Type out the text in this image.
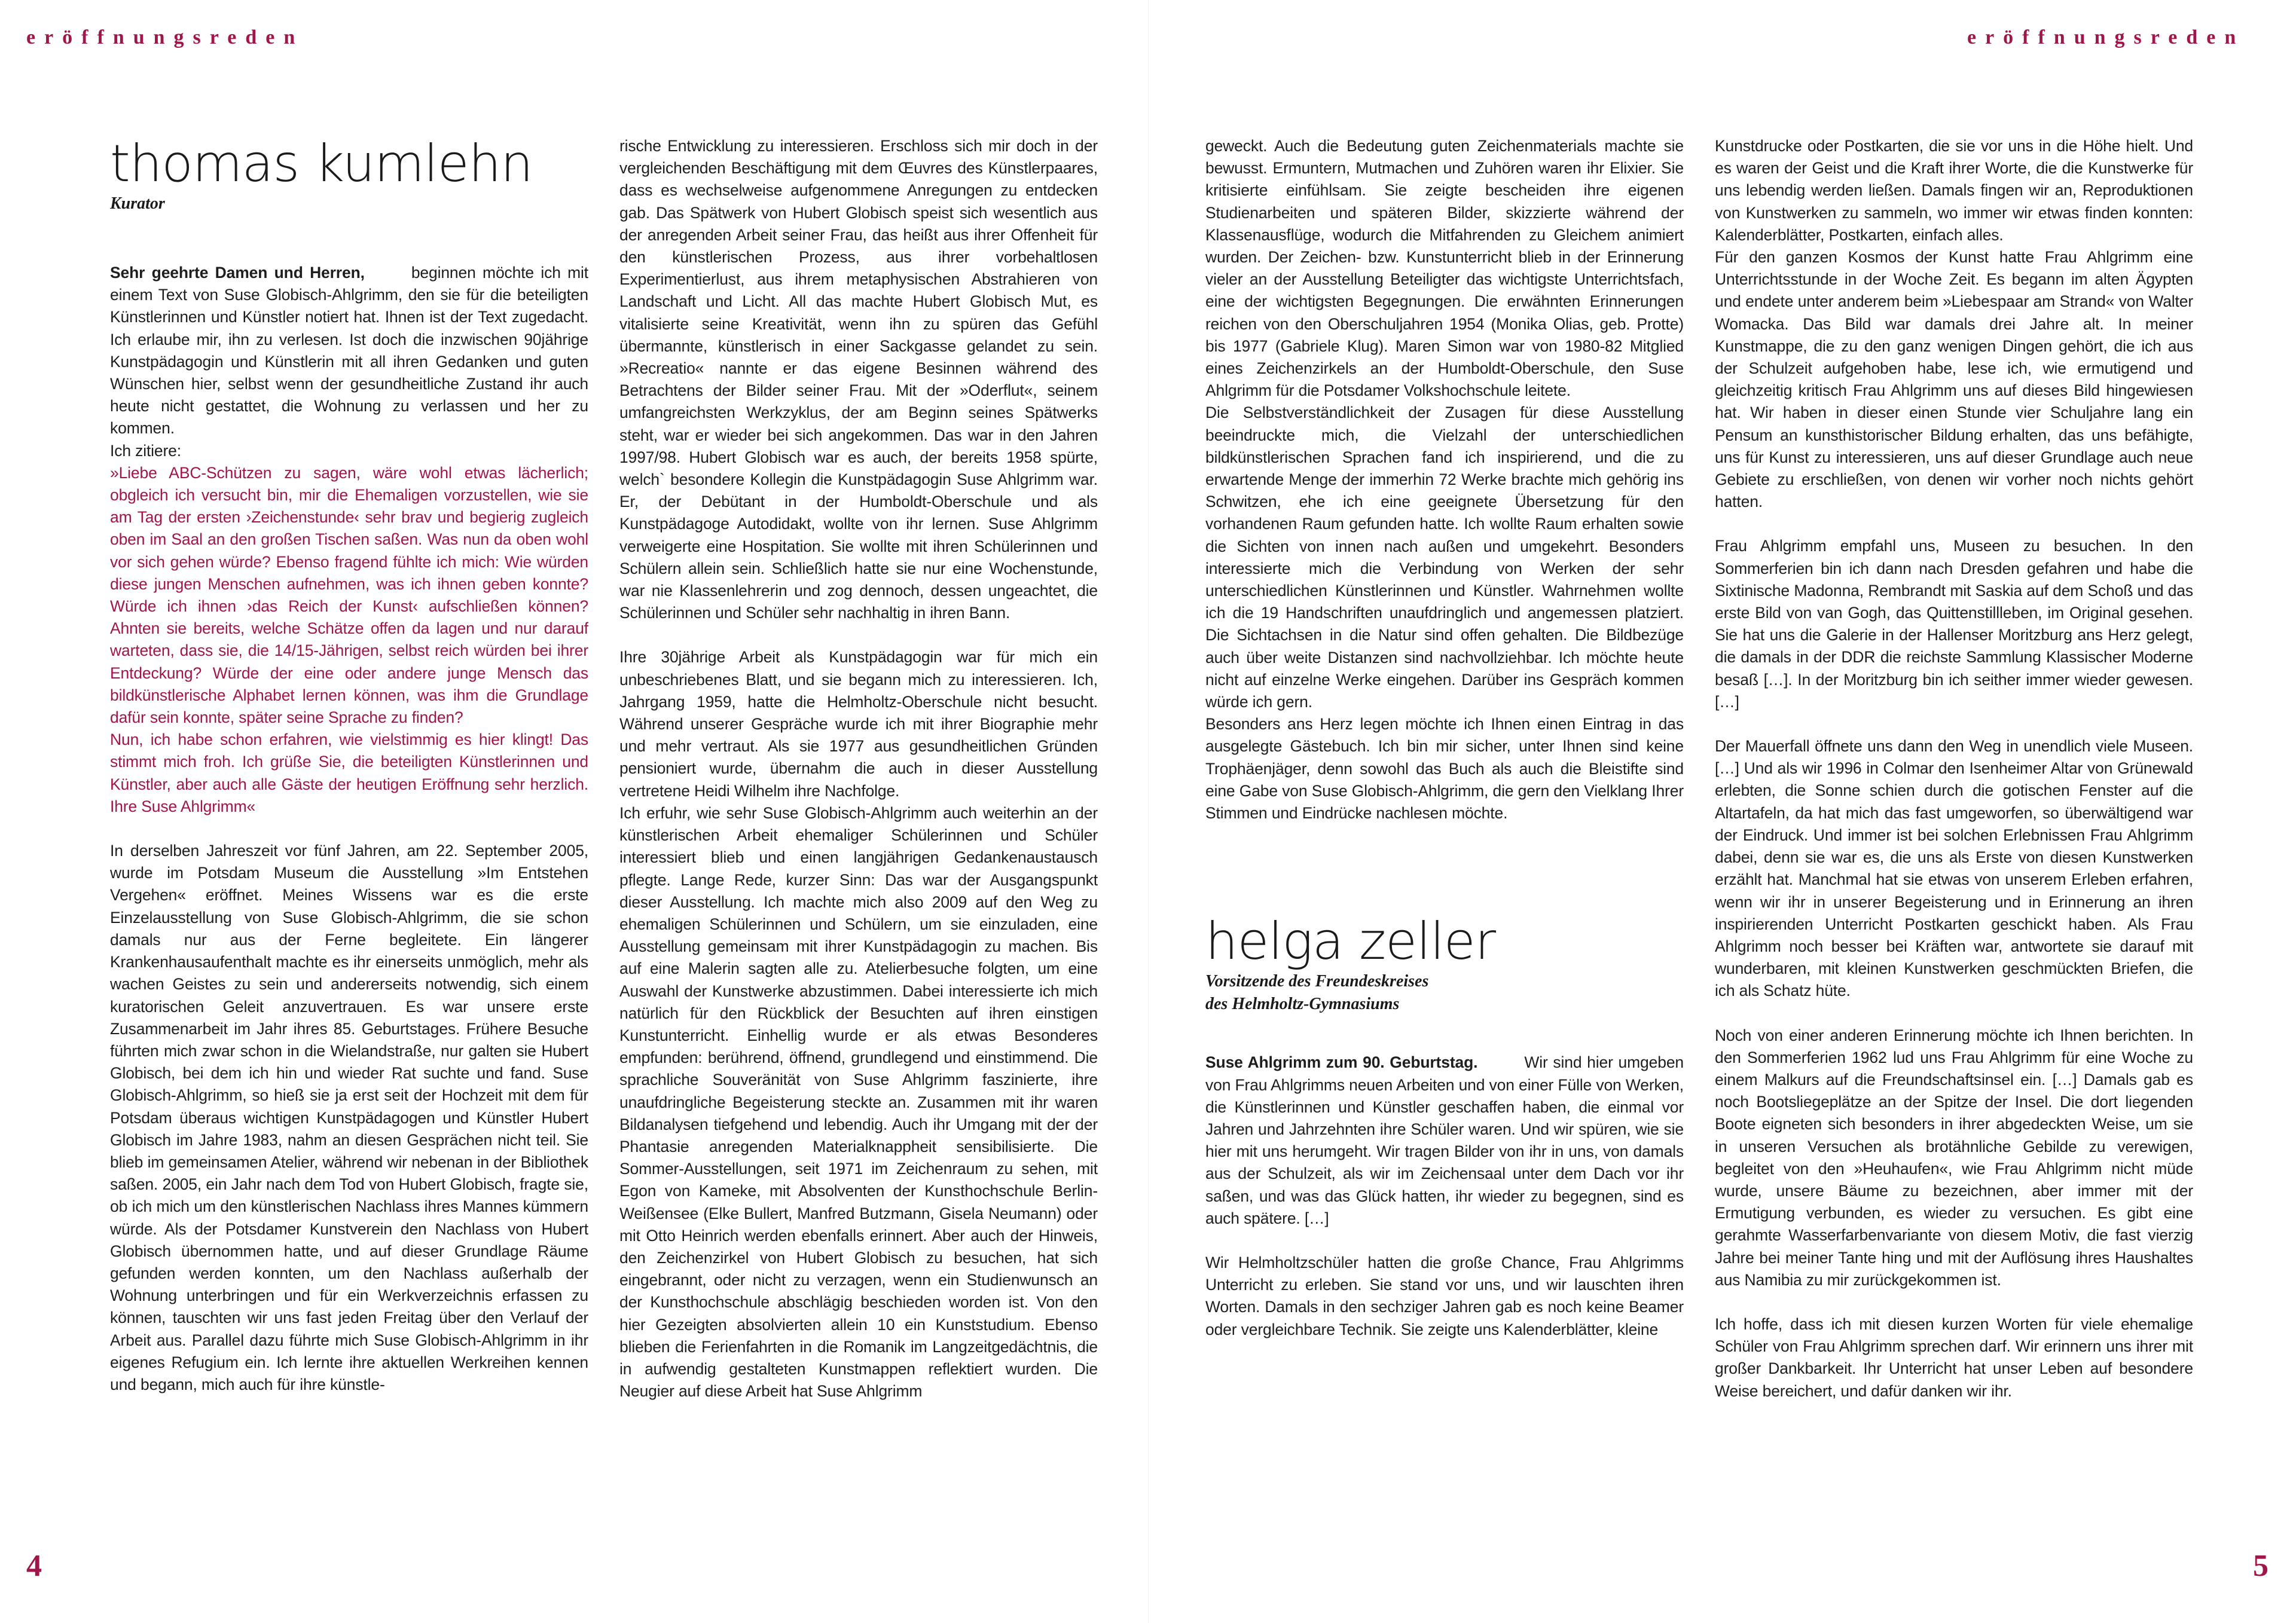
eröffnungsreden	eröffnungsreden
thomas kumlehn
Kurator

Sehr geehrte Damen und Herren,	beginnen möchte ich mit einem Text von Suse Globisch-Ahlgrimm, den sie für die beteiligten Künstlerinnen und Künstler notiert hat. Ihnen ist der Text zugedacht. Ich erlaube mir, ihn zu verlesen. Ist doch die inzwischen 90jährige Kunstpädagogin und Künstlerin mit all ihren Gedanken und guten Wünschen hier, selbst wenn der gesundheitliche Zustand ihr auch heute nicht gestattet, die Wohnung zu verlassen und her zu kommen.

Ich zitiere:

»Liebe ABC-Schützen zu sagen, wäre wohl etwas lächerlich; obgleich ich versucht bin, mir die Ehemaligen vorzustellen, wie sie am Tag der ersten ›Zeichenstunde‹ sehr brav und begierig zugleich oben im Saal an den großen Tischen saßen. Was nun da oben wohl vor sich gehen würde? Ebenso fragend fühlte ich mich: Wie würden diese jungen Menschen aufnehmen, was ich ihnen geben konnte? Würde ich ihnen ›das Reich der Kunst‹ aufschließen können? Ahnten sie bereits, welche Schätze offen da lagen und nur darauf warteten, dass sie, die 14/15-Jährigen, selbst reich würden bei ihrer Entdeckung? Würde der eine oder andere junge Mensch das bildkünstlerische Alphabet lernen können, was ihm die Grundlage dafür sein konnte, später seine Sprache zu finden?

Nun, ich habe schon erfahren, wie vielstimmig es hier klingt! Das stimmt mich froh. Ich grüße Sie, die beteiligten Künstlerinnen und Künstler, aber auch alle Gäste der heutigen Eröffnung sehr herzlich. Ihre Suse Ahlgrimm«

In derselben Jahreszeit vor fünf Jahren, am 22. September 2005, wurde im Potsdam Museum die Ausstellung »Im Entstehen Vergehen« eröffnet. Meines Wissens war es die erste Einzelausstellung von Suse Globisch-Ahlgrimm, die sie schon damals nur aus der Ferne begleitete. Ein längerer Krankenhausaufenthalt machte es ihr einerseits unmöglich, mehr als wachen Geistes zu sein und andererseits notwendig, sich einem kuratorischen Geleit anzuvertrauen. Es war unsere erste Zusammenarbeit im Jahr ihres 85. Geburtstages. Frühere Besuche führten mich zwar schon in die Wielandstraße, nur galten sie Hubert Globisch, bei dem ich hin und wieder Rat suchte und fand. Suse Globisch-Ahlgrimm, so hieß sie ja erst seit der Hochzeit mit dem für Potsdam überaus wichtigen Kunstpädagogen und Künstler Hubert Globisch im Jahre 1983, nahm an diesen Gesprächen nicht teil. Sie blieb im gemeinsamen Atelier, während wir nebenan in der Bibliothek saßen. 2005, ein Jahr nach dem Tod von Hubert Globisch, fragte sie, ob ich mich um den künstlerischen Nachlass ihres Mannes kümmern würde. Als der Potsdamer Kunstverein den Nachlass von Hubert Globisch übernommen hatte, und auf dieser Grundlage Räume gefunden werden konnten, um den Nachlass außerhalb der Wohnung unterbringen und für ein Werkverzeichnis erfassen zu können, tauschten wir uns fast jeden Freitag über den Verlauf der Arbeit aus. Parallel dazu führte mich Suse Globisch-Ahlgrimm in ihr eigenes Refugium ein. Ich lernte ihre aktuellen Werkreihen kennen und begann, mich auch für ihre künstle-

rische Entwicklung zu interessieren. Erschloss sich mir doch in der vergleichenden Beschäftigung mit dem Œuvres des Künstlerpaares, dass es wechselweise aufgenommene Anregungen zu entdecken gab. Das Spätwerk von Hubert Globisch speist sich wesentlich aus der anregenden Arbeit seiner Frau, das heißt aus ihrer Offenheit für den künstlerischen Prozess, aus ihrer vorbehaltlosen Experimentierlust, aus ihrem metaphysischen Abstrahieren von Landschaft und Licht. All das machte Hubert Globisch Mut, es vitalisierte seine Kreativität, wenn ihn zu spüren das Gefühl übermannte, künstlerisch in einer Sackgasse gelandet zu sein. »Recreatio« nannte er das eigene Besinnen während des Betrachtens der Bilder seiner Frau. Mit der »Oderflut«, seinem umfangreichsten Werkzyklus, der am Beginn seines Spätwerks steht, war er wieder bei sich angekommen. Das war in den Jahren 1997/98. Hubert Globisch war es auch, der bereits 1958 spürte, welch` besondere Kollegin die Kunstpädagogin Suse Ahlgrimm war. Er, der Debütant in der Humboldt-Oberschule und als Kunstpädagoge Autodidakt, wollte von ihr lernen. Suse Ahlgrimm verweigerte eine Hospitation. Sie wollte mit ihren Schülerinnen und Schülern allein sein. Schließlich hatte sie nur eine Wochenstunde, war nie Klassenlehrerin und zog dennoch, dessen ungeachtet, die Schülerinnen und Schüler sehr nachhaltig in ihren Bann.

Ihre 30jährige Arbeit als Kunstpädagogin war für mich ein unbeschriebenes Blatt, und sie begann mich zu interessieren. Ich, Jahrgang 1959, hatte die Helmholtz-Oberschule nicht besucht. Während unserer Gespräche wurde ich mit ihrer Biographie mehr und mehr vertraut. Als sie 1977 aus gesundheitlichen Gründen pensioniert wurde, übernahm die auch in dieser Ausstellung vertretene Heidi Wilhelm ihre Nachfolge.

Ich erfuhr, wie sehr Suse Globisch-Ahlgrimm auch weiterhin an der künstlerischen Arbeit ehemaliger Schülerinnen und Schüler interessiert blieb und einen langjährigen Gedankenaustausch pflegte. Lange Rede, kurzer Sinn: Das war der Ausgangspunkt dieser Ausstellung. Ich machte mich also 2009 auf den Weg zu ehemaligen Schülerinnen und Schülern, um sie einzuladen, eine Ausstellung gemeinsam mit ihrer Kunstpädagogin zu machen. Bis auf eine Malerin sagten alle zu. Atelierbesuche folgten, um eine Auswahl der Kunstwerke abzustimmen. Dabei interessierte ich mich natürlich für den Rückblick der Besuchten auf ihren einstigen Kunstunterricht. Einhellig wurde er als etwas Besonderes empfunden: berührend, öffnend, grundlegend und einstimmend. Die sprachliche Souveränität von Suse Ahlgrimm faszinierte, ihre unaufdringliche Begeisterung steckte an. Zusammen mit ihr waren Bildanalysen tiefgehend und lebendig. Auch ihr Umgang mit der der Phantasie anregenden Materialknappheit sensibilisierte. Die Sommer-Ausstellungen, seit 1971 im Zeichenraum zu sehen, mit Egon von Kameke, mit Absolventen der Kunsthochschule Berlin-Weißensee (Elke Bullert, Manfred Butzmann, Gisela Neumann) oder mit Otto Heinrich werden ebenfalls erinnert. Aber auch der Hinweis, den Zeichenzirkel von Hubert Globisch zu besuchen, hat sich eingebrannt, oder nicht zu verzagen, wenn ein Studienwunsch an der Kunsthochschule abschlägig beschieden worden ist. Von den hier Gezeigten absolvierten allein 10 ein Kunststudium. Ebenso blieben die Ferienfahrten in die Romanik im Langzeitgedächtnis, die in aufwendig gestalteten Kunstmappen reflektiert wurden. Die Neugier auf diese Arbeit hat Suse Ahlgrimm

geweckt. Auch die Bedeutung guten Zeichenmaterials machte sie bewusst. Ermuntern, Mutmachen und Zuhören waren ihr Elixier. Sie kritisierte einfühlsam. Sie zeigte bescheiden ihre eigenen Studienarbeiten und späteren Bilder, skizzierte während der Klassenausflüge, wodurch die Mitfahrenden zu Gleichem animiert wurden. Der Zeichen- bzw. Kunstunterricht blieb in der Erinnerung vieler an der Ausstellung Beteiligter das wichtigste Unterrichtsfach, eine der wichtigsten Begegnungen. Die erwähnten Erinnerungen reichen von den Oberschuljahren 1954 (Monika Olias, geb. Protte) bis 1977 (Gabriele Klug). Maren Simon war von 1980-82 Mitglied eines Zeichenzirkels an der Humboldt-Oberschule, den Suse Ahlgrimm für die Potsdamer Volkshochschule leitete.

Die Selbstverständlichkeit der Zusagen für diese Ausstellung beeindruckte mich, die Vielzahl der unterschiedlichen bildkünstlerischen Sprachen fand ich inspirierend, und die zu erwartende Menge der immerhin 72 Werke brachte mich gehörig ins Schwitzen, ehe ich eine geeignete Übersetzung für den vorhandenen Raum gefunden hatte. Ich wollte Raum erhalten sowie die Sichten von innen nach außen und umgekehrt. Besonders interessierte mich die Verbindung von Werken der sehr unterschiedlichen Künstlerinnen und Künstler. Wahrnehmen wollte ich die 19 Handschriften unaufdringlich und angemessen platziert. Die Sichtachsen in die Natur sind offen gehalten. Die Bildbezüge auch über weite Distanzen sind nachvollziehbar. Ich möchte heute nicht auf einzelne Werke eingehen. Darüber ins Gespräch kommen würde ich gern.

Besonders ans Herz legen möchte ich Ihnen einen Eintrag in das ausgelegte Gästebuch. Ich bin mir sicher, unter Ihnen sind keine Trophäenjäger, denn sowohl das Buch als auch die Bleistifte sind eine Gabe von Suse Globisch-Ahlgrimm, die gern den Vielklang Ihrer Stimmen und Eindrücke nachlesen möchte.

helga zeller
Vorsitzende des Freundeskreises
des Helmholtz-Gymnasiums

Suse Ahlgrimm zum 90. Geburtstag.	Wir sind hier umgeben von Frau Ahlgrimms neuen Arbeiten und von einer Fülle von Werken, die Künstlerinnen und Künstler geschaffen haben, die einmal vor Jahren und Jahrzehnten ihre Schüler waren. Und wir spüren, wie sie hier mit uns herumgeht. Wir tragen Bilder von ihr in uns, von damals aus der Schulzeit, als wir im Zeichensaal unter dem Dach vor ihr saßen, und was das Glück hatten, ihr wieder zu begegnen, sind es auch spätere. […]

Wir Helmholtzschüler hatten die große Chance, Frau Ahlgrimms Unterricht zu erleben. Sie stand vor uns, und wir lauschten ihren Worten. Damals in den sechziger Jahren gab es noch keine Beamer oder vergleichbare Technik. Sie zeigte uns Kalenderblätter, kleine

Kunstdrucke oder Postkarten, die sie vor uns in die Höhe hielt. Und es waren der Geist und die Kraft ihrer Worte, die die Kunstwerke für uns lebendig werden ließen. Damals fingen wir an, Reproduktionen von Kunstwerken zu sammeln, wo immer wir etwas finden konnten: Kalenderblätter, Postkarten, einfach alles.

Für den ganzen Kosmos der Kunst hatte Frau Ahlgrimm eine Unterrichtsstunde in der Woche Zeit. Es begann im alten Ägypten und endete unter anderem beim »Liebespaar am Strand« von Walter Womacka. Das Bild war damals drei Jahre alt. In meiner Kunstmappe, die zu den ganz wenigen Dingen gehört, die ich aus der Schulzeit aufgehoben habe, lese ich, wie ermutigend und gleichzeitig kritisch Frau Ahlgrimm uns auf dieses Bild hingewiesen hat. Wir haben in dieser einen Stunde vier Schuljahre lang ein Pensum an kunsthistorischer Bildung erhalten, das uns befähigte, uns für Kunst zu interessieren, uns auf dieser Grundlage auch neue Gebiete zu erschließen, von denen wir vorher noch nichts gehört hatten.

Frau Ahlgrimm empfahl uns, Museen zu besuchen. In den Sommerferien bin ich dann nach Dresden gefahren und habe die Sixtinische Madonna, Rembrandt mit Saskia auf dem Schoß und das erste Bild von van Gogh, das Quittenstillleben, im Original gesehen. Sie hat uns die Galerie in der Hallenser Moritzburg ans Herz gelegt, die damals in der DDR die reichste Sammlung Klassischer Moderne besaß […]. In der Moritzburg bin ich seither immer wieder gewesen. […]

Der Mauerfall öffnete uns dann den Weg in unendlich viele Museen. […] Und als wir 1996 in Colmar den Isenheimer Altar von Grünewald erlebten, die Sonne schien durch die gotischen Fenster auf die Altartafeln, da hat mich das fast umgeworfen, so überwältigend war der Eindruck. Und immer ist bei solchen Erlebnissen Frau Ahlgrimm dabei, denn sie war es, die uns als Erste von diesen Kunstwerken erzählt hat. Manchmal hat sie etwas von unserem Erleben erfahren, wenn wir ihr in unserer Begeisterung und in Erinnerung an ihren inspirierenden Unterricht Postkarten geschickt haben. Als Frau Ahlgrimm noch besser bei Kräften war, antwortete sie darauf mit wunderbaren, mit kleinen Kunstwerken geschmückten Briefen, die ich als Schatz hüte.

Noch von einer anderen Erinnerung möchte ich Ihnen berichten. In den Sommerferien 1962 lud uns Frau Ahlgrimm für eine Woche zu einem Malkurs auf die Freundschaftsinsel ein. […] Damals gab es noch Bootsliegeplätze an der Spitze der Insel. Die dort liegenden Boote eigneten sich besonders in ihrer abgedeckten Weise, um sie in unseren Versuchen als brotähnliche Gebilde zu verewigen, begleitet von den »Heuhaufen«, wie Frau Ahlgrimm nicht müde wurde, unsere Bäume zu bezeichnen, aber immer mit der Ermutigung verbunden, es wieder zu versuchen. Es gibt eine gerahmte Wasserfarbenvariante von diesem Motiv, die fast vierzig Jahre bei meiner Tante hing und mit der Auflösung ihres Haushaltes aus Namibia zu mir zurückgekommen ist.

Ich hoffe, dass ich mit diesen kurzen Worten für viele ehemalige Schüler von Frau Ahlgrimm sprechen darf. Wir erinnern uns ihrer mit großer Dankbarkeit. Ihr Unterricht hat unser Leben auf besondere Weise bereichert, und dafür danken wir ihr.

4	5
